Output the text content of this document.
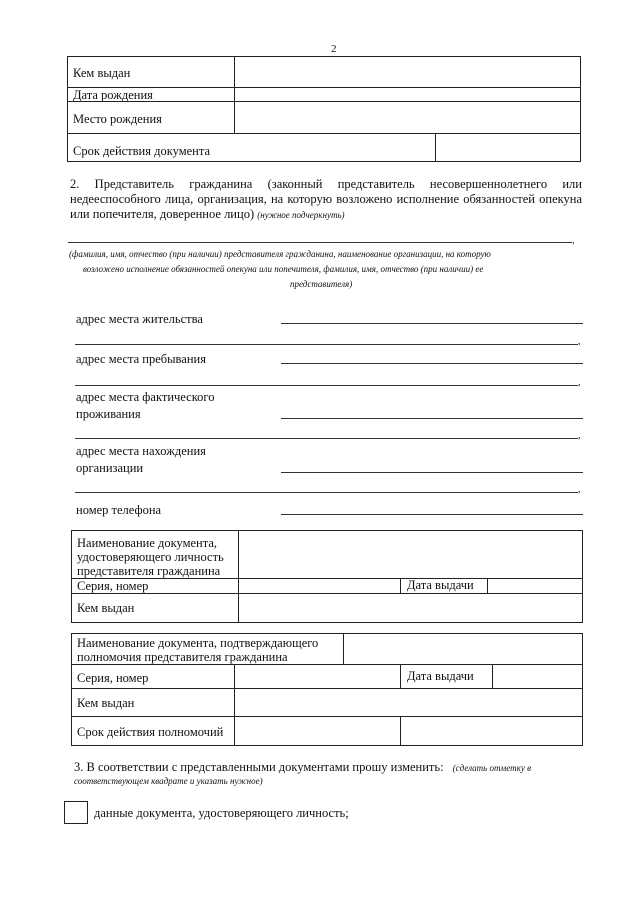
2
Кем выдан
Дата рождения
Место рождения
Срок действия документа
2. Представитель гражданина (законный представитель несовершеннолетнего или недееспособного лица, организация, на которую возложено исполнение обязанностей опекуна или попечителя, доверенное лицо) (нужное подчеркнуть)
,
(фамилия, имя, отчество (при наличии) представителя гражданина, наименование организации, на которую
возложено исполнение обязанностей опекуна или попечителя, фамилия, имя, отчество (при наличии) ее
представителя)
адрес места жительства
,
адрес места пребывания
,
адрес места фактического
проживания
,
адрес места нахождения
организации
,
номер телефона
Наименование документа,
удостоверяющего личность
представителя гражданина
Серия, номер	Дата выдачи
Кем выдан
Наименование документа, подтверждающего
полномочия представителя гражданина
Серия, номер	Дата выдачи
Кем выдан
Срок действия полномочий
3. В соответствии с представленными документами прошу изменить: (сделать отметку в
соответствующем квадрате и указать нужное)
данные документа, удостоверяющего личность;
